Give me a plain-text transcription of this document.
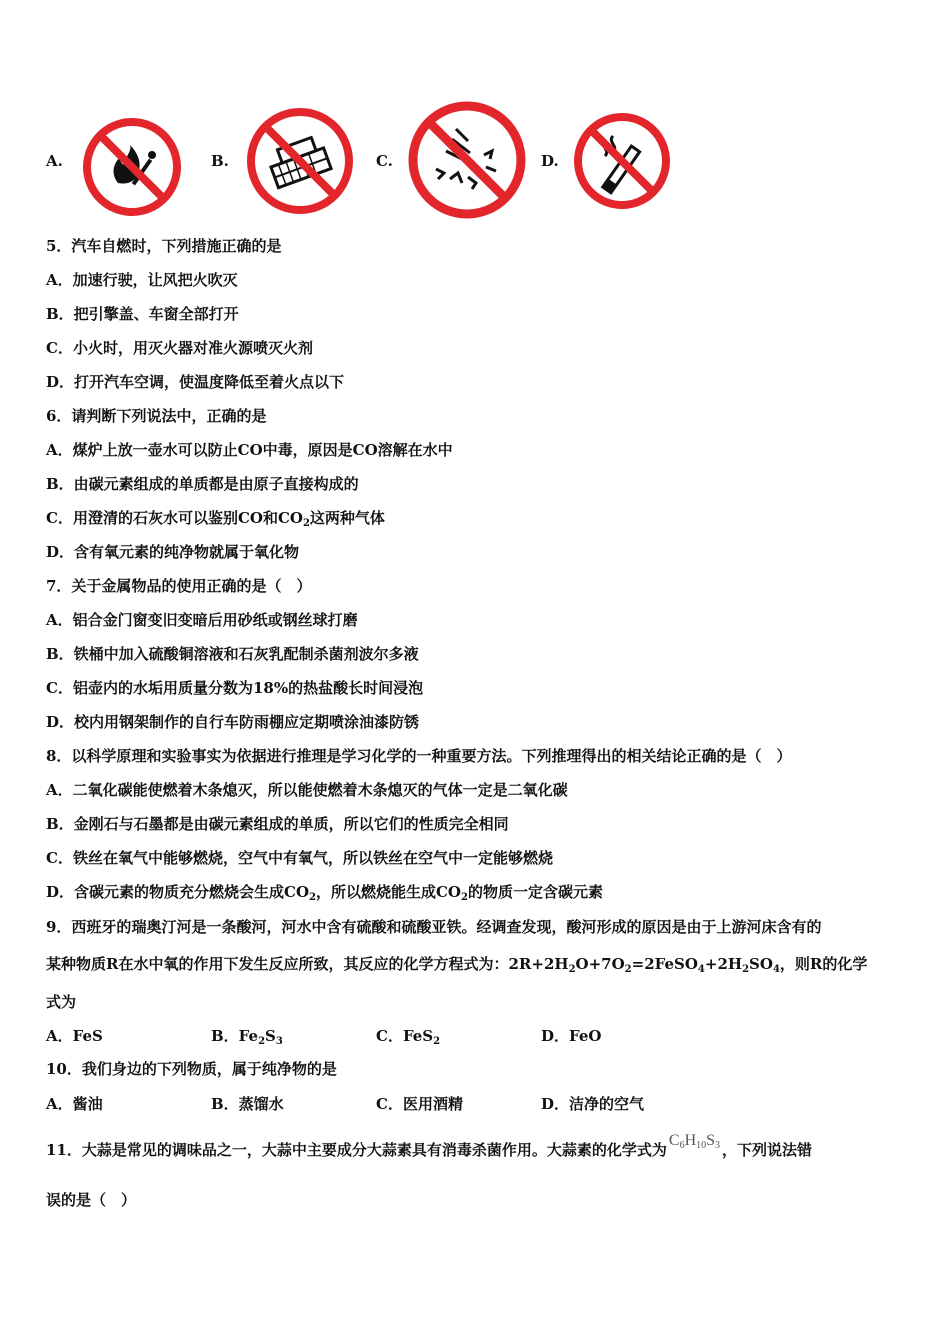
A.	B.	C.	D.
5．汽车自燃时，下列措施正确的是
A．加速行驶，让风把火吹灭
B．把引擎盖、车窗全部打开
C．小火时，用灭火器对准火源喷灭火剂
D．打开汽车空调，使温度降低至着火点以下
6．请判断下列说法中，正确的是
A．煤炉上放一壶水可以防止CO中毒，原因是CO溶解在水中
B．由碳元素组成的单质都是由原子直接构成的
C．用澄清的石灰水可以鉴别CO和$CO_2$这两种气体
D．含有氧元素的纯净物就属于氧化物
7．关于金属物品的使用正确的是（　）
A．铝合金门窗变旧变暗后用砂纸或钢丝球打磨
B．铁桶中加入硫酸铜溶液和石灰乳配制杀菌剂波尔多液
C．铝壶内的水垢用质量分数为18%的热盐酸长时间浸泡
D．校内用钢架制作的自行车防雨棚应定期喷涂油漆防锈
8．以科学原理和实验事实为依据进行推理是学习化学的一种重要方法。下列推理得出的相关结论正确的是（　）
A．二氧化碳能使燃着木条熄灭，所以能使燃着木条熄灭的气体一定是二氧化碳
B．金刚石与石墨都是由碳元素组成的单质，所以它们的性质完全相同
C．铁丝在氧气中能够燃烧，空气中有氧气，所以铁丝在空气中一定能够燃烧
D．含碳元素的物质充分燃烧会生成$CO_2$，所以燃烧能生成$CO_2$的物质一定含碳元素
9．西班牙的瑞奥汀河是一条酸河，河水中含有硫酸和硫酸亚铁。经调查发现，酸河形成的原因是由于上游河床含有的
某种物质R在水中氧的作用下发生反应所致，其反应的化学方程式为：$2R+2H_2O+7O_2=2FeSO_4+2H_2SO_4$，则R的化学
式为
A．FeS	B．$Fe_2S_3$	C．FeS$_2$	D．FeO
10．我们身边的下列物质，属于纯净物的是
A．酱油	B．蒸馏水	C．医用酒精	D．洁净的空气
11．大蒜是常见的调味品之一，大蒜中主要成分大蒜素具有消毒杀菌作用。大蒜素的化学式为$C_6H_{10}S_3$ ，下列说法错
误的是（　）
